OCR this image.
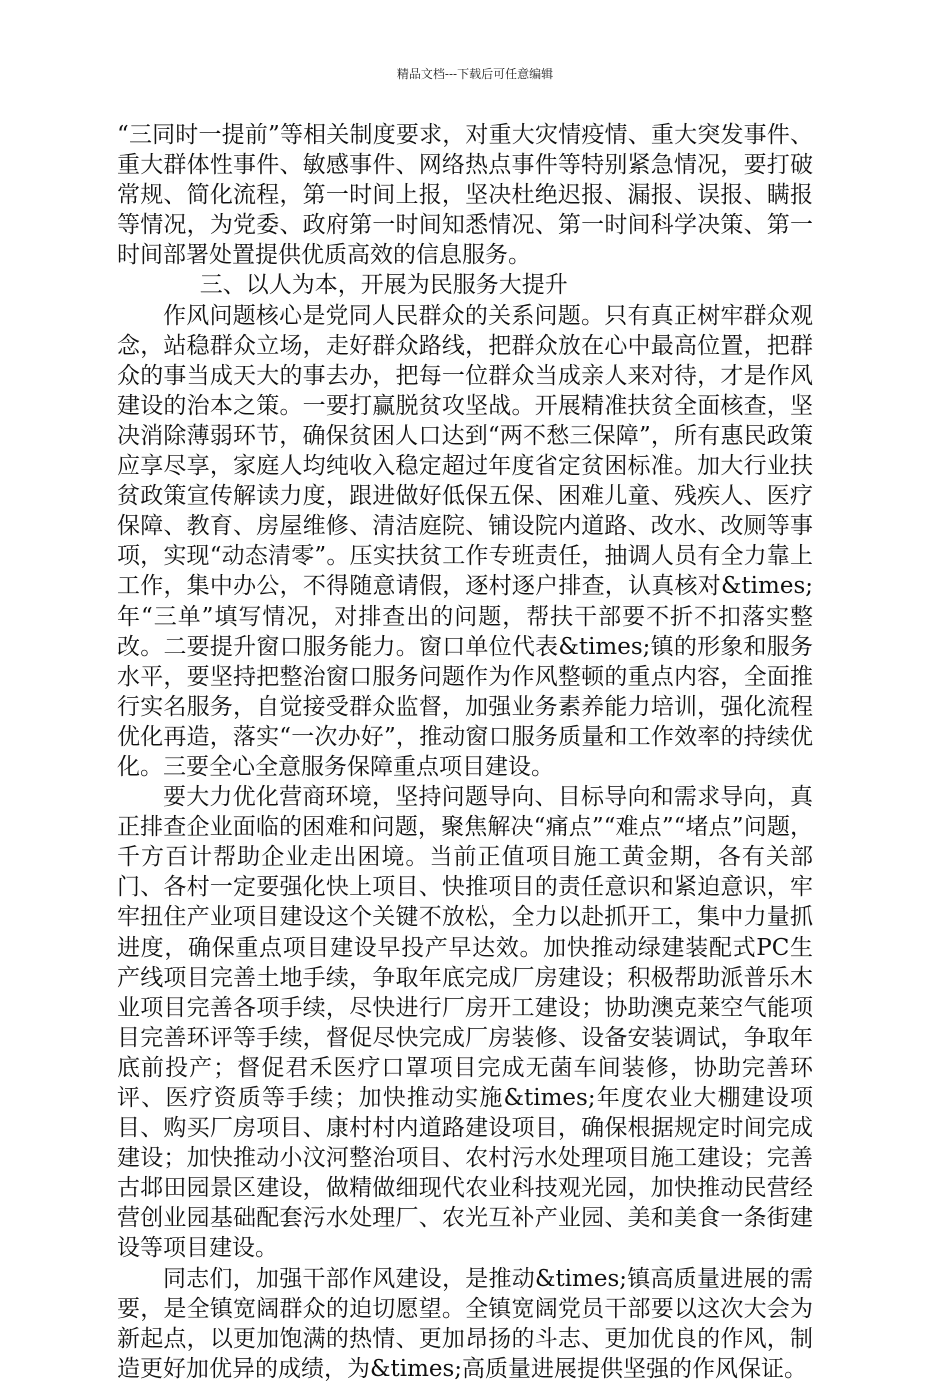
精品文档---下载后可任意编辑

“三同时一提前”等相关制度要求，对重大灾情疫情、重大突发事件、重大群体性事件、敏感事件、网络热点事件等特别紧急情况，要打破常规、简化流程，第一时间上报，坚决杜绝迟报、漏报、误报、瞒报等情况，为党委、政府第一时间知悉情况、第一时间科学决策、第一时间部署处置提供优质高效的信息服务。

三、以人为本，开展为民服务大提升

作风问题核心是党同人民群众的关系问题。只有真正树牢群众观念，站稳群众立场，走好群众路线，把群众放在心中最高位置，把群众的事当成天大的事去办，把每一位群众当成亲人来对待，才是作风建设的治本之策。一要打赢脱贫攻坚战。开展精准扶贫全面核查，坚决消除薄弱环节，确保贫困人口达到“两不愁三保障”，所有惠民政策应享尽享，家庭人均纯收入稳定超过年度省定贫困标准。加大行业扶贫政策宣传解读力度，跟进做好低保五保、困难儿童、残疾人、医疗保障、教育、房屋维修、清洁庭院、铺设院内道路、改水、改厕等事项，实现“动态清零”。压实扶贫工作专班责任，抽调人员有全力靠上工作，集中办公，不得随意请假，逐村逐户排查，认真核对&times;年“三单”填写情况，对排查出的问题，帮扶干部要不折不扣落实整改。二要提升窗口服务能力。窗口单位代表&times;镇的形象和服务水平，要坚持把整治窗口服务问题作为作风整顿的重点内容，全面推行实名服务，自觉接受群众监督，加强业务素养能力培训，强化流程优化再造，落实“一次办好”，推动窗口服务质量和工作效率的持续优化。三要全心全意服务保障重点项目建设。

要大力优化营商环境，坚持问题导向、目标导向和需求导向，真正排查企业面临的困难和问题，聚焦解决“痛点”“难点”“堵点”问题，千方百计帮助企业走出困境。当前正值项目施工黄金期，各有关部门、各村一定要强化快上项目、快推项目的责任意识和紧迫意识，牢牢扭住产业项目建设这个关键不放松，全力以赴抓开工，集中力量抓进度，确保重点项目建设早投产早达效。加快推动绿建装配式PC生产线项目完善土地手续，争取年底完成厂房建设；积极帮助派普乐木业项目完善各项手续，尽快进行厂房开工建设；协助澳克莱空气能项目完善环评等手续，督促尽快完成厂房装修、设备安装调试，争取年底前投产；督促君禾医疗口罩项目完成无菌车间装修，协助完善环评、医疗资质等手续；加快推动实施&times;年度农业大棚建设项目、购买厂房项目、康村村内道路建设项目，确保根据规定时间完成建设；加快推动小汶河整治项目、农村污水处理项目施工建设；完善古邶田园景区建设，做精做细现代农业科技观光园，加快推动民营经营创业园基础配套污水处理厂、农光互补产业园、美和美食一条街建设等项目建设。

同志们，加强干部作风建设，是推动&times;镇高质量进展的需要，是全镇宽阔群众的迫切愿望。全镇宽阔党员干部要以这次大会为新起点，以更加饱满的热情、更加昂扬的斗志、更加优良的作风，制造更好加优异的成绩，为&times;高质量进展提供坚强的作风保证。
